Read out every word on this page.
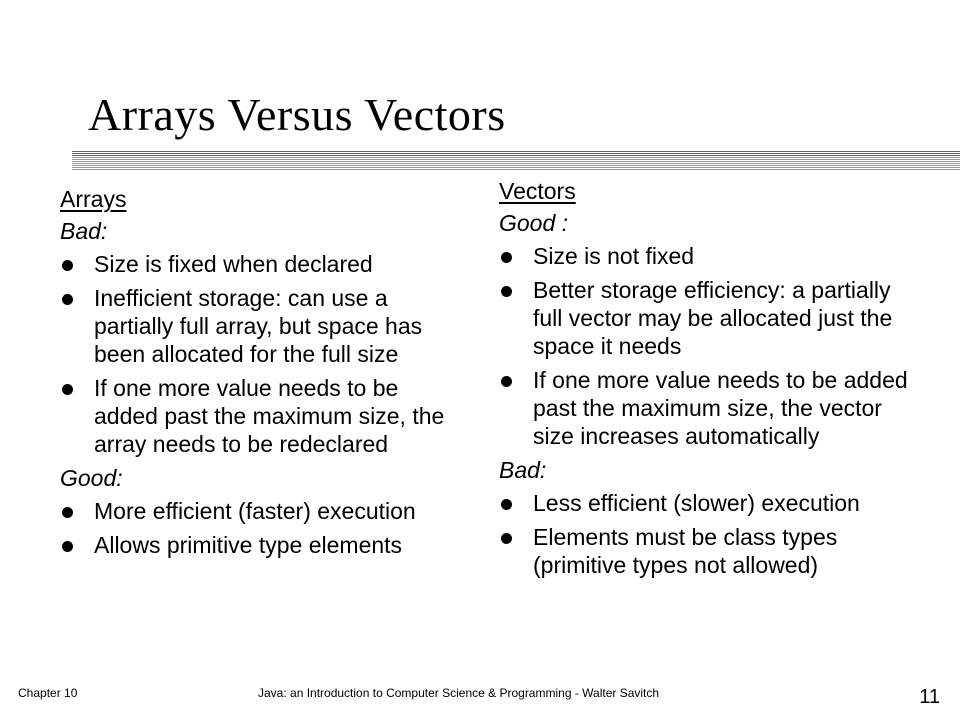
Arrays Versus Vectors
Arrays
Bad:
Size is fixed when declared
Inefficient storage: can use a partially full array, but space has been allocated for the full size
If one more value needs to be added past the maximum size, the array needs to be redeclared
Good:
More efficient (faster) execution
Allows primitive type elements
Vectors
Good :
Size is not fixed
Better storage efficiency: a partially full vector may be allocated just the space it needs
If one more value needs to be added past the maximum size, the vector size increases automatically
Bad:
Less efficient (slower) execution
Elements must be class types (primitive types not allowed)
Chapter 10	Java: an Introduction to Computer Science & Programming - Walter Savitch	11
